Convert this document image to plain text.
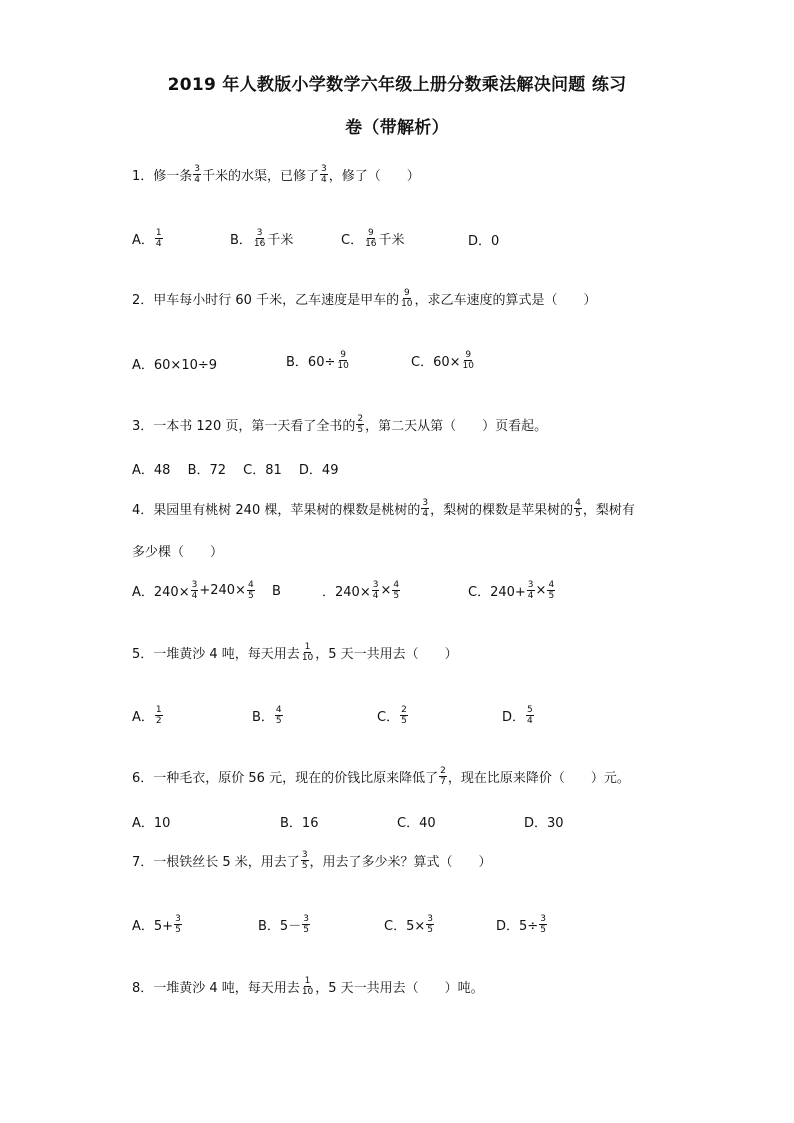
2019 年人教版小学数学六年级上册分数乘法解决问题 练习
卷（带解析）
1．修一条 $\frac{3}{4}$ 千米的水渠，已修了 $\frac{3}{4}$ ，修了（　　）
A． $\frac{1}{4}$	B． $\frac{3}{16}$ 千米	C． $\frac{9}{16}$ 千米	D．0
2．甲车每小时行 60 千米，乙车速度是甲车的 $\frac{9}{10}$ ，求乙车速度的算式是（　　）
A．60×10÷9	B．$60\div \frac{9}{10}$	C．$60\times \frac{9}{10}$
3．一本书 120 页，第一天看了全书的 $\frac{2}{5}$ ，第二天从第（　　）页看起。
A．48　 B．72　 C．81　 D．49
4．果园里有桃树 240 棵，苹果树的棵数是桃树的 $\frac{3}{4}$ ，梨树的棵数是苹果树的 $\frac{4}{5}$ ，梨树有
多少棵（　　）
A．$240\times \frac{3}{4} +240\times \frac{4}{5}$ B	．$240\times \frac{3}{4} \times \frac{4}{5}$	C．$240+ \frac{3}{4} \times \frac{4}{5}$
5．一堆黄沙 4 吨，每天用去 $\frac{1}{10}$ ，5 天一共用去（　　）
A． $\frac{1}{2}$	B． $\frac{4}{5}$	C． $\frac{2}{5}$	D． $\frac{5}{4}$
6．一种毛衣，原价 56 元，现在的价钱比原来降低了 $\frac{2}{7}$ ，现在比原来降价（　　）元。
A．10	B．16	C．40	D．30
7．一根铁丝长 5 米，用去了 $\frac{3}{5}$ ，用去了多少米？算式（　　）
A．$5+ \frac{3}{5}$	B．$5- \frac{3}{5}$	C．$5\times \frac{3}{5}$	D．$5\div \frac{3}{5}$
8．一堆黄沙 4 吨，每天用去 $\frac{1}{10}$ ，5 天一共用去（　　）吨。
